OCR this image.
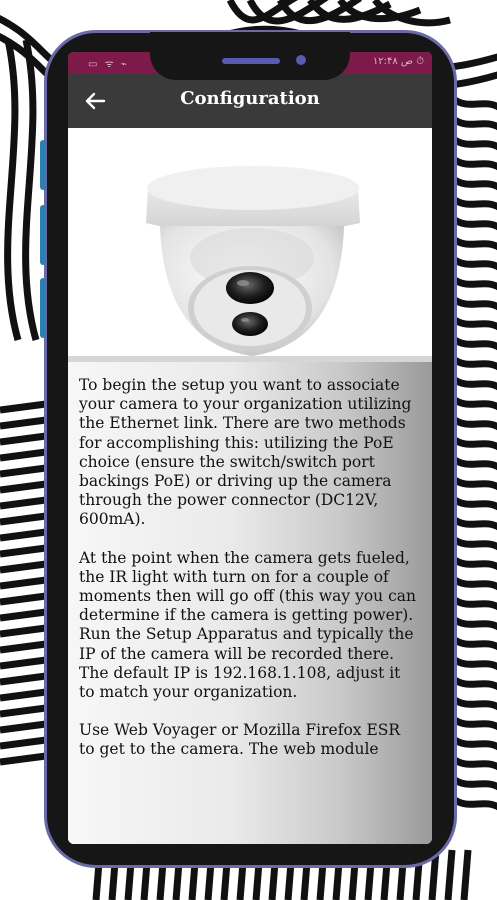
▭ ᯤ ⌁	۱۲:۴۸ ص ⏱
Configuration

To begin the setup you want to associate your camera to your organization utilizing the Ethernet link. There are two methods for accomplishing this: utilizing the PoE choice (ensure the switch/switch port backings PoE) or driving up the camera through the power connector (DC12V, 600mA).

At the point when the camera gets fueled, the IR light with turn on for a couple of moments then will go off (this way you can determine if the camera is getting power). Run the Setup Apparatus and typically the IP of the camera will be recorded there. The default IP is 192.168.1.108, adjust it to match your organization.

Use Web Voyager or Mozilla Firefox ESR to get to the camera. The web module
